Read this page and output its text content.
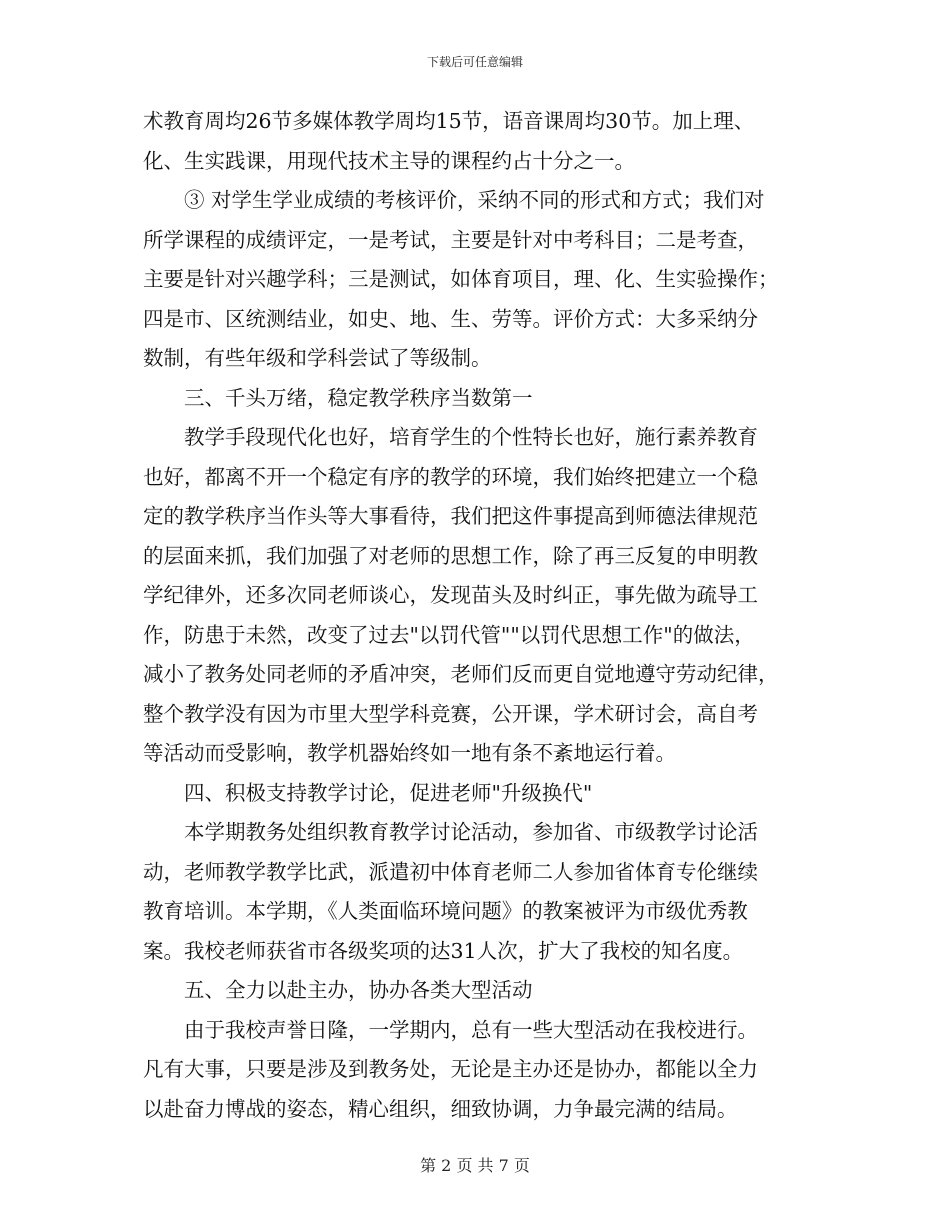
下载后可任意编辑
术教育周均26节多媒体教学周均15节，语音课周均30节。加上理、
化、生实践课，用现代技术主导的课程约占十分之一。
　　③ 对学生学业成绩的考核评价，采纳不同的形式和方式；我们对
所学课程的成绩评定，一是考试，主要是针对中考科目；二是考查，
主要是针对兴趣学科；三是测试，如体育项目，理、化、生实验操作；
四是市、区统测结业，如史、地、生、劳等。评价方式：大多采纳分
数制，有些年级和学科尝试了等级制。
　　三、千头万绪，稳定教学秩序当数第一
　　教学手段现代化也好，培育学生的个性特长也好，施行素养教育
也好，都离不开一个稳定有序的教学的环境，我们始终把建立一个稳
定的教学秩序当作头等大事看待，我们把这件事提高到师德法律规范
的层面来抓，我们加强了对老师的思想工作，除了再三反复的申明教
学纪律外，还多次同老师谈心，发现苗头及时纠正，事先做为疏导工
作，防患于未然，改变了过去"以罚代管""以罚代思想工作"的做法，
减小了教务处同老师的矛盾冲突，老师们反而更自觉地遵守劳动纪律，
整个教学没有因为市里大型学科竞赛，公开课，学术研讨会，高自考
等活动而受影响，教学机器始终如一地有条不紊地运行着。
　　四、积极支持教学讨论，促进老师"升级换代"
　　本学期教务处组织教育教学讨论活动，参加省、市级教学讨论活
动，老师教学教学比武，派遣初中体育老师二人参加省体育专伦继续
教育培训。本学期，《人类面临环境问题》的教案被评为市级优秀教
案。我校老师获省市各级奖项的达31人次，扩大了我校的知名度。
　　五、全力以赴主办，协办各类大型活动
　　由于我校声誉日隆，一学期内，总有一些大型活动在我校进行。
凡有大事，只要是涉及到教务处，无论是主办还是协办，都能以全力
以赴奋力博战的姿态，精心组织，细致协调，力争最完满的结局。
第 2 页 共 7 页
